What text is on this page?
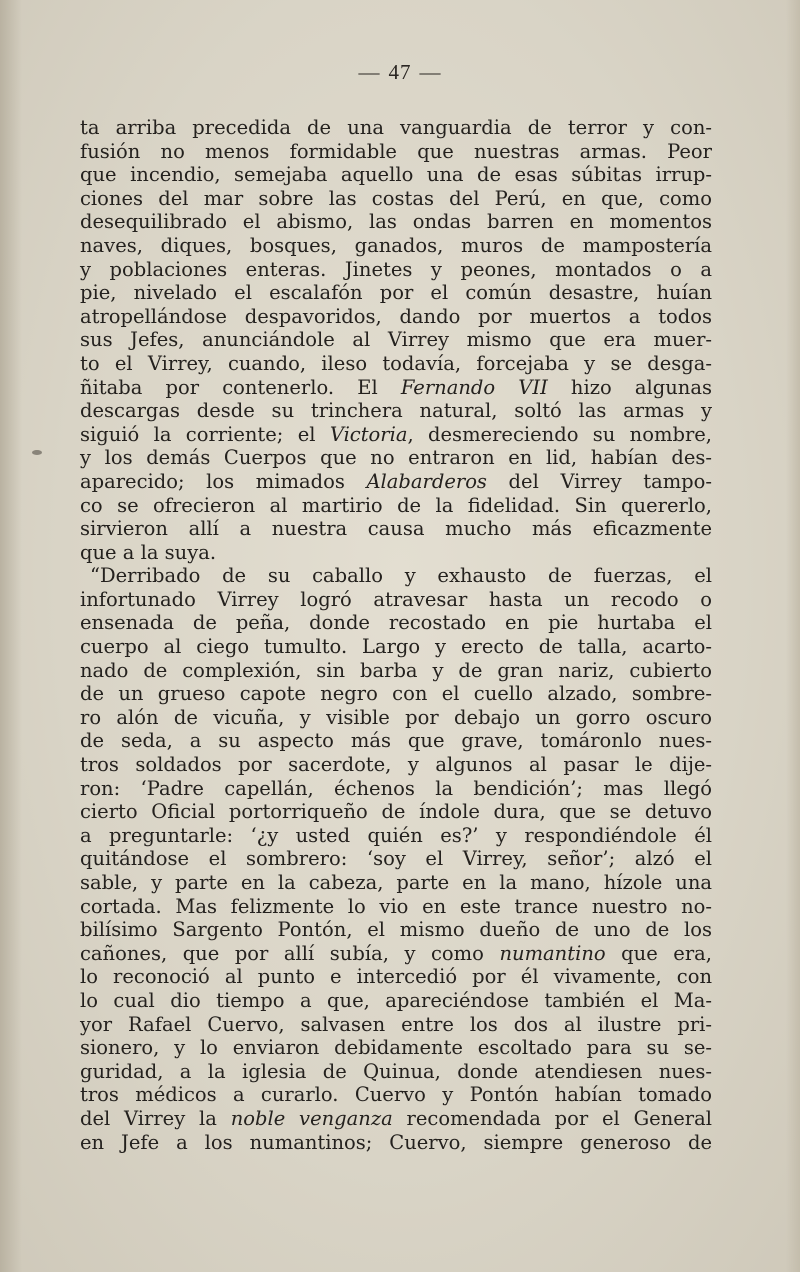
— 47 —
ta arriba precedida de una vanguardia de terror y con-
fusión no menos formidable que nuestras armas. Peor
que incendio, semejaba aquello una de esas súbitas irrup-
ciones del mar sobre las costas del Perú, en que, como
desequilibrado el abismo, las ondas barren en momentos
naves, diques, bosques, ganados, muros de mampostería
y poblaciones enteras. Jinetes y peones, montados o a
pie, nivelado el escalafón por el común desastre, huían
atropellándose despavoridos, dando por muertos a todos
sus Jefes, anunciándole al Virrey mismo que era muer-
to el Virrey, cuando, ileso todavía, forcejaba y se desga-
ñitaba por contenerlo. El Fernando VII hizo algunas
descargas desde su trinchera natural, soltó las armas y
siguió la corriente; el Victoria, desmereciendo su nombre,
y los demás Cuerpos que no entraron en lid, habían des-
aparecido; los mimados Alabarderos del Virrey tampo-
co se ofrecieron al martirio de la fidelidad. Sin quererlo,
sirvieron allí a nuestra causa mucho más eficazmente
que a la suya.
“Derribado de su caballo y exhausto de fuerzas, el
infortunado Virrey logró atravesar hasta un recodo o
ensenada de peña, donde recostado en pie hurtaba el
cuerpo al ciego tumulto. Largo y erecto de talla, acarto-
nado de complexión, sin barba y de gran nariz, cubierto
de un grueso capote negro con el cuello alzado, sombre-
ro alón de vicuña, y visible por debajo un gorro oscuro
de seda, a su aspecto más que grave, tomáronlo nues-
tros soldados por sacerdote, y algunos al pasar le dije-
ron: ‘Padre capellán, échenos la bendición’; mas llegó
cierto Oficial portorriqueño de índole dura, que se detuvo
a preguntarle: ‘¿y usted quién es?’ y respondiéndole él
quitándose el sombrero: ‘soy el Virrey, señor’; alzó el
sable, y parte en la cabeza, parte en la mano, hízole una
cortada. Mas felizmente lo vio en este trance nuestro no-
bilísimo Sargento Pontón, el mismo dueño de uno de los
cañones, que por allí subía, y como numantino que era,
lo reconoció al punto e intercedió por él vivamente, con
lo cual dio tiempo a que, apareciéndose también el Ma-
yor Rafael Cuervo, salvasen entre los dos al ilustre pri-
sionero, y lo enviaron debidamente escoltado para su se-
guridad, a la iglesia de Quinua, donde atendiesen nues-
tros médicos a curarlo. Cuervo y Pontón habían tomado
del Virrey la noble venganza recomendada por el General
en Jefe a los numantinos; Cuervo, siempre generoso de
